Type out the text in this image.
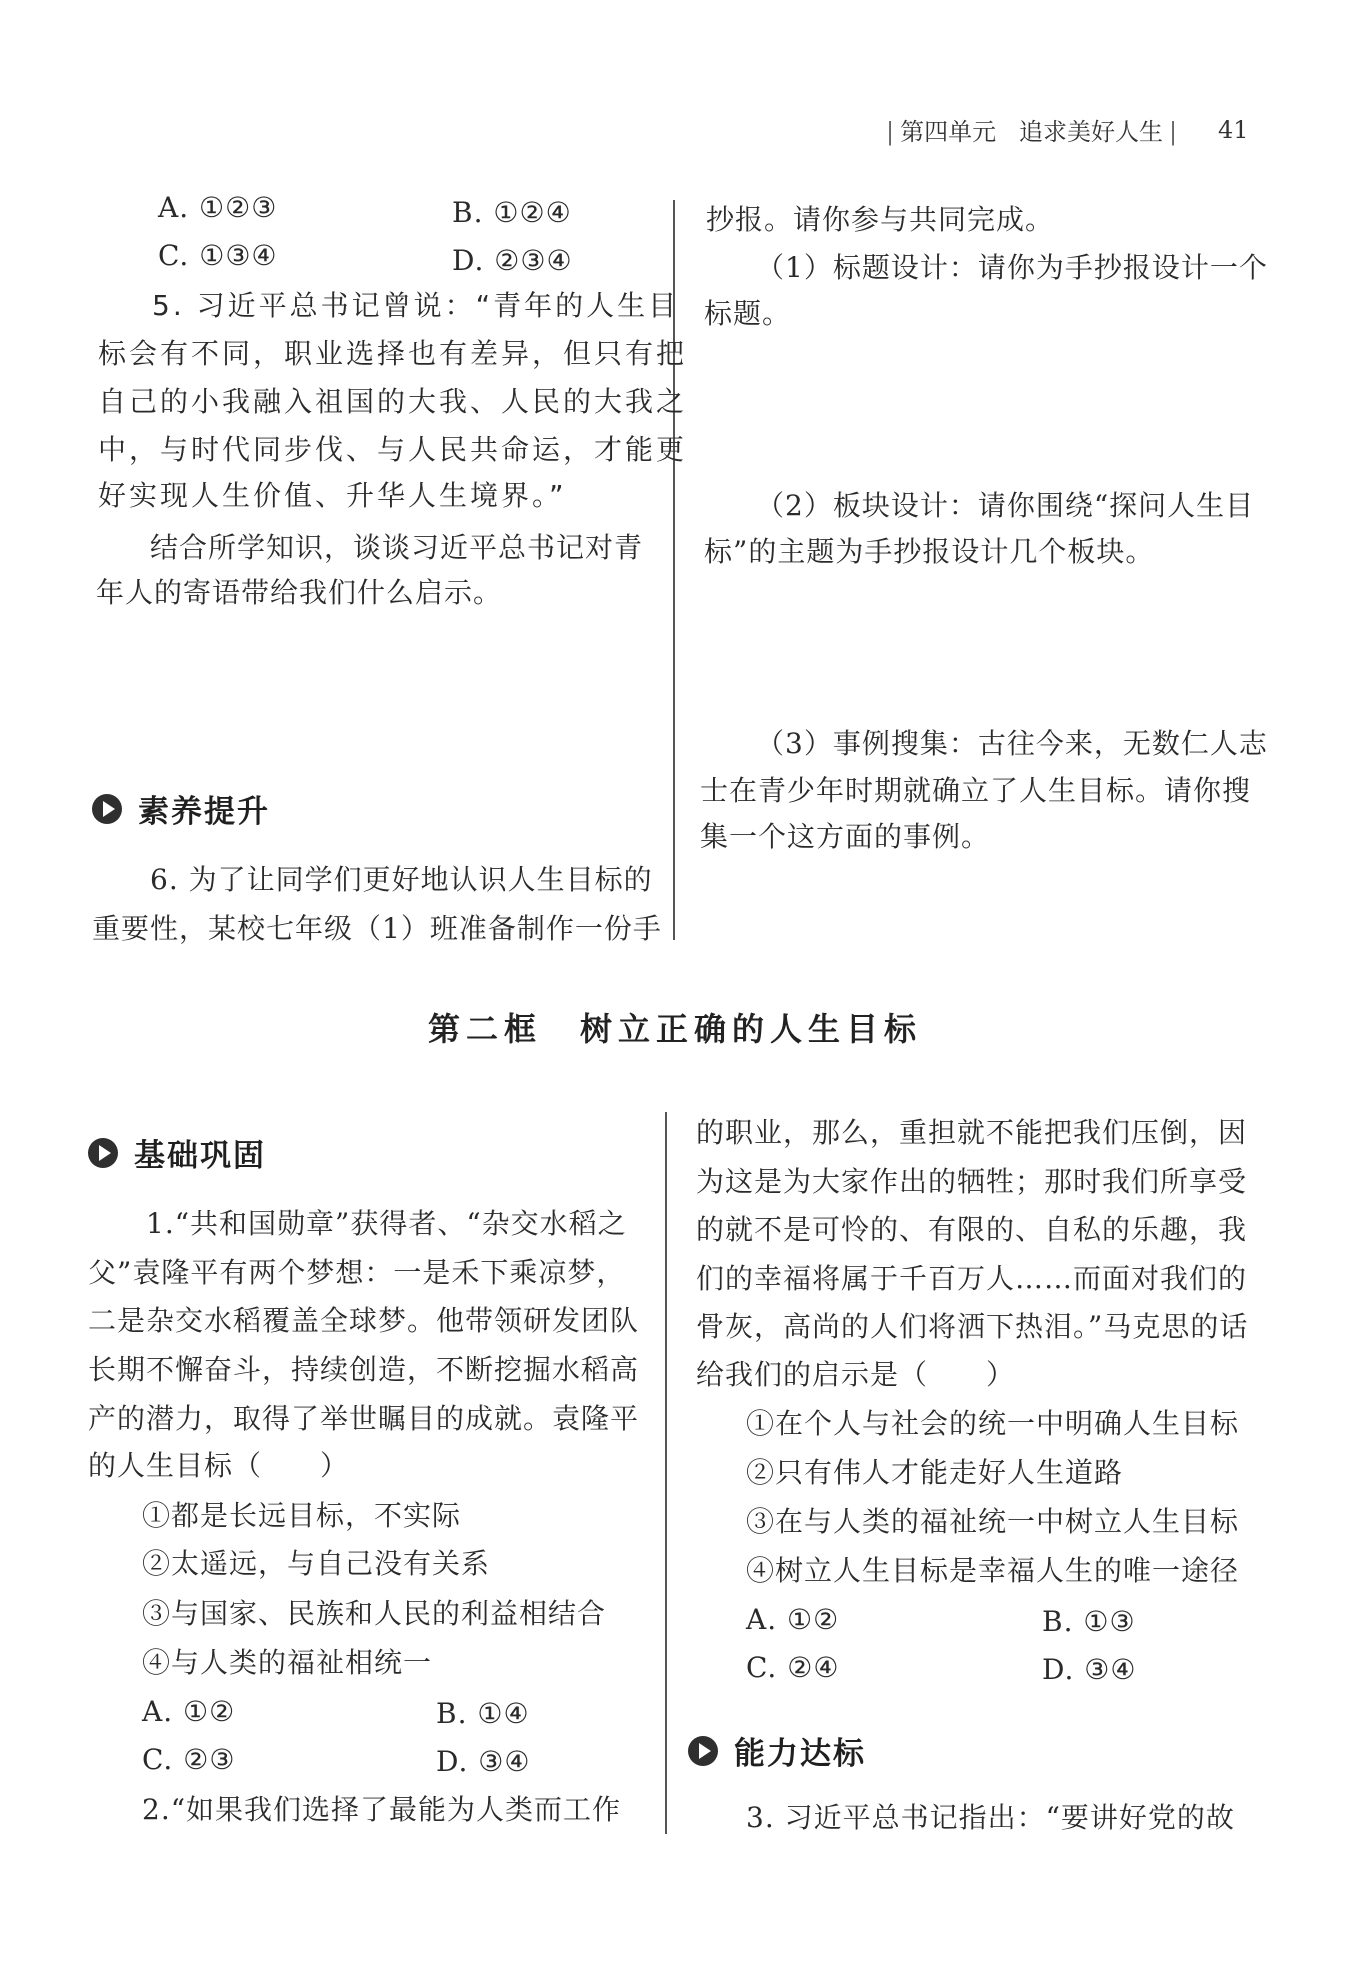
| 第四单元 追求美好人生 | 41
A. ①②③	B. ①②④
C. ①③④	D. ②③④
5. 习近平总书记曾说：“青年的人生目
标会有不同，职业选择也有差异，但只有把
自己的小我融入祖国的大我、人民的大我之
中，与时代同步伐、与人民共命运，才能更
好实现人生价值、升华人生境界。”
结合所学知识，谈谈习近平总书记对青
年人的寄语带给我们什么启示。
素养提升
6. 为了让同学们更好地认识人生目标的
重要性，某校七年级（1）班准备制作一份手
抄报。请你参与共同完成。
（1）标题设计：请你为手抄报设计一个
标题。
（2）板块设计：请你围绕“探问人生目
标”的主题为手抄报设计几个板块。
（3）事例搜集：古往今来，无数仁人志
士在青少年时期就确立了人生目标。请你搜
集一个这方面的事例。
第二框　树立正确的人生目标
基础巩固
1.“共和国勋章”获得者、“杂交水稻之
父”袁隆平有两个梦想：一是禾下乘凉梦，
二是杂交水稻覆盖全球梦。他带领研发团队
长期不懈奋斗，持续创造，不断挖掘水稻高
产的潜力，取得了举世瞩目的成就。袁隆平
的人生目标（　　）
①都是长远目标，不实际
②太遥远，与自己没有关系
③与国家、民族和人民的利益相结合
④与人类的福祉相统一
A. ①②	B. ①④
C. ②③	D. ③④
2.“如果我们选择了最能为人类而工作
的职业，那么，重担就不能把我们压倒，因
为这是为大家作出的牺牲；那时我们所享受
的就不是可怜的、有限的、自私的乐趣，我
们的幸福将属于千百万人……而面对我们的
骨灰，高尚的人们将洒下热泪。”马克思的话
给我们的启示是（　　）
①在个人与社会的统一中明确人生目标
②只有伟人才能走好人生道路
③在与人类的福祉统一中树立人生目标
④树立人生目标是幸福人生的唯一途径
A. ①②	B. ①③
C. ②④	D. ③④
能力达标
3. 习近平总书记指出：“要讲好党的故
